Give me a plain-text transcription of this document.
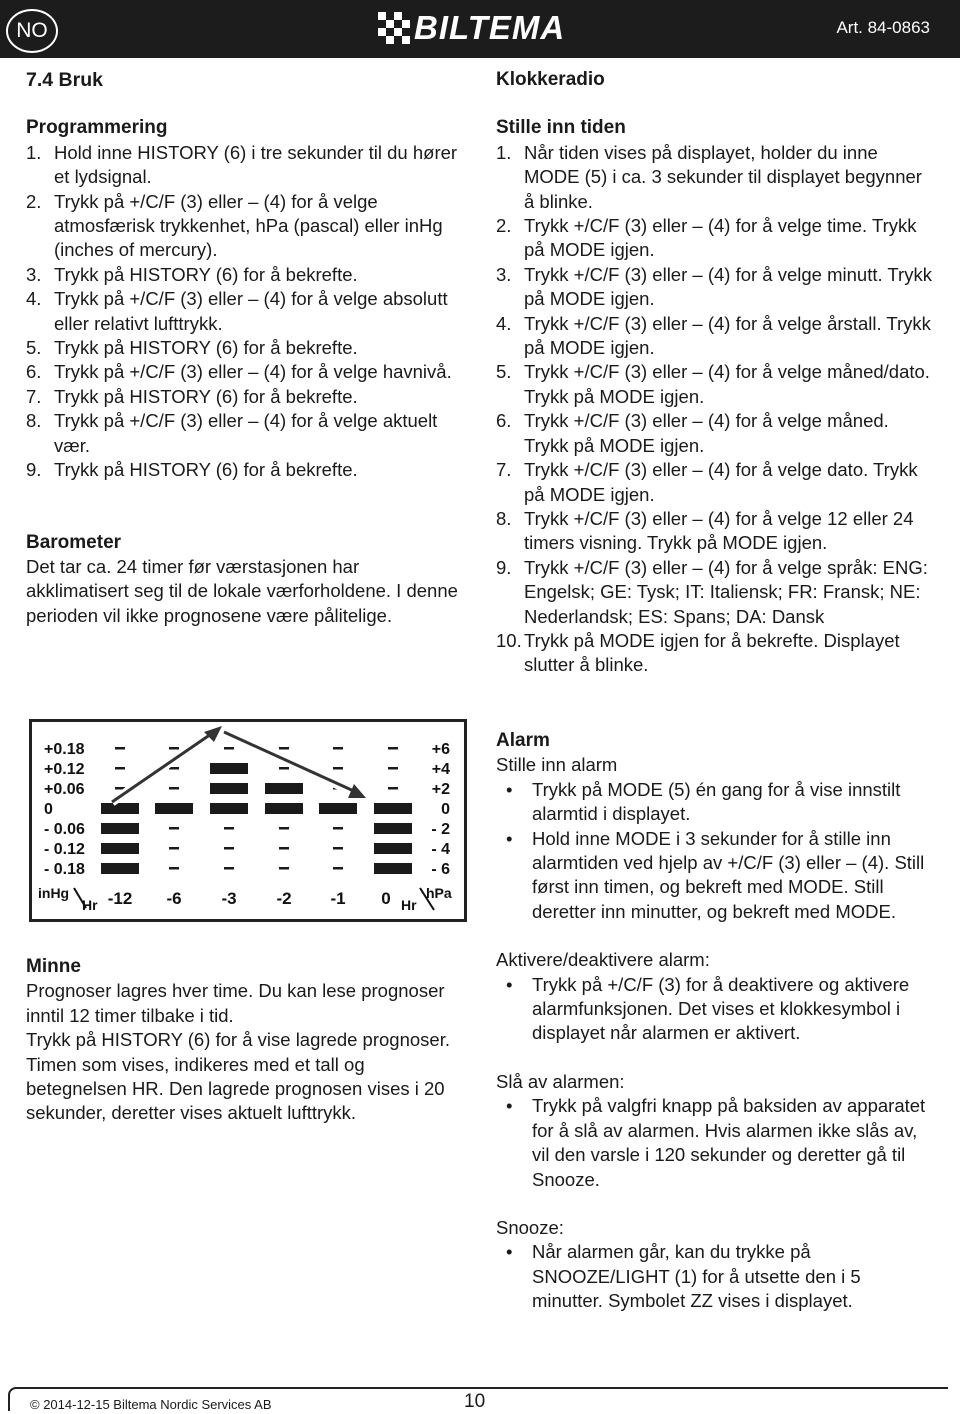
NO	BILTEMA	Art. 84-0863
7.4 Bruk
Programmering
1. Hold inne HISTORY (6) i tre sekunder til du hører et lydsignal.
2. Trykk på +/C/F (3) eller – (4) for å velge atmosfærisk trykkenhet, hPa (pascal) eller inHg (inches of mercury).
3. Trykk på HISTORY (6) for å bekrefte.
4. Trykk på +/C/F (3) eller – (4) for å velge absolutt eller relativt lufttrykk.
5. Trykk på HISTORY (6) for å bekrefte.
6. Trykk på +/C/F (3) eller – (4) for å velge havnivå.
7. Trykk på HISTORY (6) for å bekrefte.
8. Trykk på +/C/F (3) eller – (4) for å velge aktuelt vær.
9. Trykk på HISTORY (6) for å bekrefte.
Barometer

Det tar ca. 24 timer før værstasjonen har akklimatisert seg til de lokale værforholdene. I denne perioden vil ikke prognosene være pålitelige.

+0.18
+0.12
+0.06
0
- 0.06
- 0.12
- 0.18
+6
+4
+2
0
- 2
- 4
- 6
inHg
Hr -12 -6 -3 -2 -1 0 Hr
hPa
Minne

Prognoser lagres hver time. Du kan lese prognoser inntil 12 timer tilbake i tid.

Trykk på HISTORY (6) for å vise lagrede prognoser. Timen som vises, indikeres med et tall og betegnelsen HR. Den lagrede prognosen vises i 20 sekunder, deretter vises aktuelt lufttrykk.

Klokkeradio
Stille inn tiden
1. Når tiden vises på displayet, holder du inne MODE (5) i ca. 3 sekunder til displayet begynner å blinke.
2. Trykk +/C/F (3) eller – (4) for å velge time. Trykk på MODE igjen.
3. Trykk +/C/F (3) eller – (4) for å velge minutt. Trykk på MODE igjen.
4. Trykk +/C/F (3) eller – (4) for å velge årstall. Trykk på MODE igjen.
5. Trykk +/C/F (3) eller – (4) for å velge måned/dato. Trykk på MODE igjen.
6. Trykk +/C/F (3) eller – (4) for å velge måned. Trykk på MODE igjen.
7. Trykk +/C/F (3) eller – (4) for å velge dato. Trykk på MODE igjen.
8. Trykk +/C/F (3) eller – (4) for å velge 12 eller 24 timers visning. Trykk på MODE igjen.
9. Trykk +/C/F (3) eller – (4) for å velge språk: ENG: Engelsk; GE: Tysk; IT: Italiensk; FR: Fransk; NE: Nederlandsk; ES: Spans; DA: Dansk
10. Trykk på MODE igjen for å bekrefte. Displayet slutter å blinke.
Alarm

Stille inn alarm

• Trykk på MODE (5) én gang for å vise innstilt alarmtid i displayet.
• Hold inne MODE i 3 sekunder for å stille inn alarmtiden ved hjelp av +/C/F (3) eller – (4). Still først inn timen, og bekreft med MODE. Still deretter inn minutter, og bekreft med MODE.

Aktivere/deaktivere alarm:

• Trykk på +/C/F (3) for å deaktivere og aktivere alarmfunksjonen. Det vises et klokkesymbol i displayet når alarmen er aktivert.

Slå av alarmen:

• Trykk på valgfri knapp på baksiden av apparatet for å slå av alarmen. Hvis alarmen ikke slås av, vil den varsle i 120 sekunder og deretter gå til Snooze.

Snooze:

• Når alarmen går, kan du trykke på SNOOZE/LIGHT (1) for å utsette den i 5 minutter. Symbolet ZZ vises i displayet.
© 2014-12-15 Biltema Nordic Services AB	10
